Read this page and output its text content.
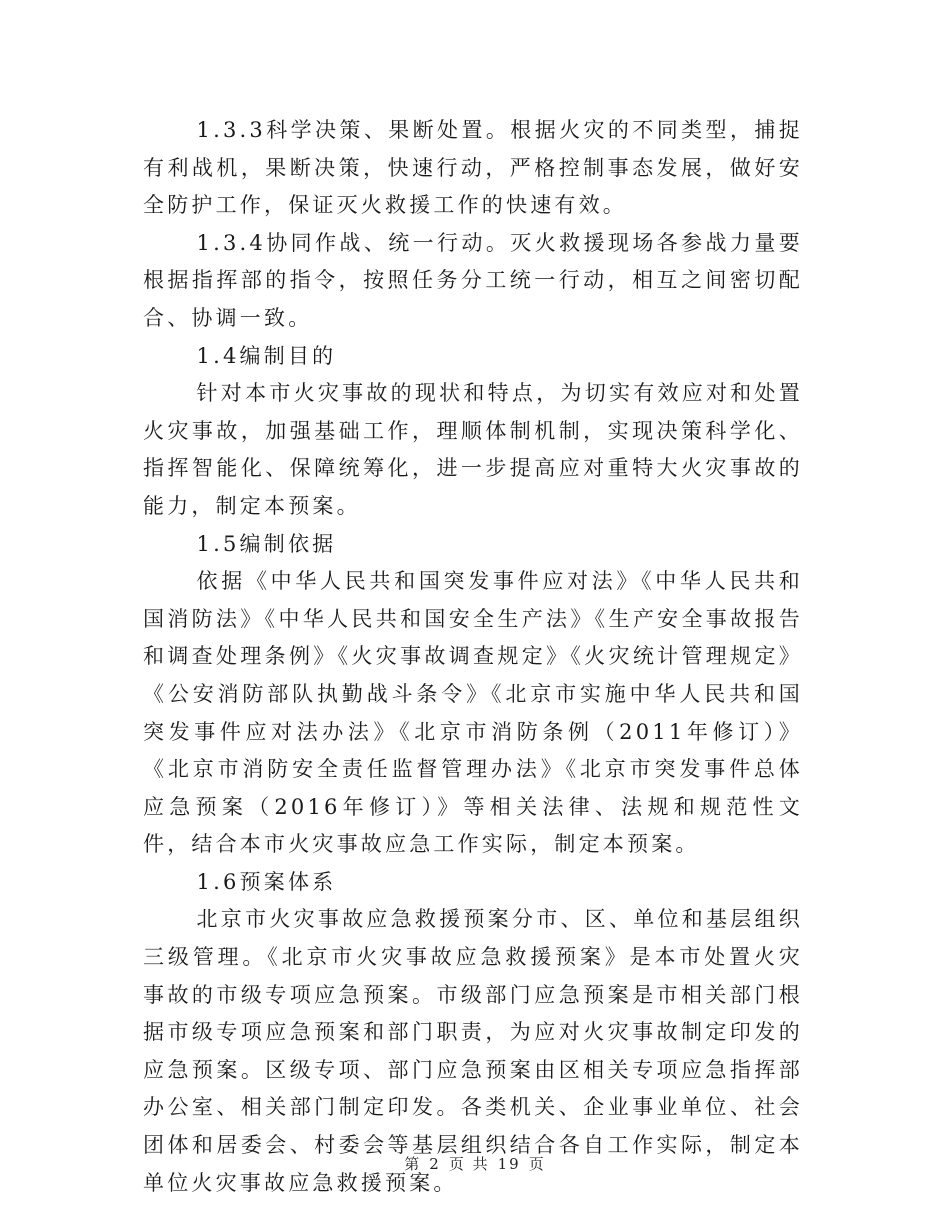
1.3.3科学决策、果断处置。根据火灾的不同类型，捕捉有利战机，果断决策，快速行动，严格控制事态发展，做好安全防护工作，保证灭火救援工作的快速有效。

1.3.4协同作战、统一行动。灭火救援现场各参战力量要根据指挥部的指令，按照任务分工统一行动，相互之间密切配合、协调一致。

1.4编制目的

针对本市火灾事故的现状和特点，为切实有效应对和处置火灾事故，加强基础工作，理顺体制机制，实现决策科学化、指挥智能化、保障统筹化，进一步提高应对重特大火灾事故的能力，制定本预案。

1.5编制依据

依据《中华人民共和国突发事件应对法》《中华人民共和国消防法》《中华人民共和国安全生产法》《生产安全事故报告和调查处理条例》《火灾事故调查规定》《火灾统计管理规定》《公安消防部队执勤战斗条令》《北京市实施中华人民共和国突发事件应对法办法》《北京市消防条例（2011年修订）》《北京市消防安全责任监督管理办法》《北京市突发事件总体应急预案（2016年修订）》等相关法律、法规和规范性文件，结合本市火灾事故应急工作实际，制定本预案。

1.6预案体系

北京市火灾事故应急救援预案分市、区、单位和基层组织三级管理。《北京市火灾事故应急救援预案》是本市处置火灾事故的市级专项应急预案。市级部门应急预案是市相关部门根据市级专项应急预案和部门职责，为应对火灾事故制定印发的应急预案。区级专项、部门应急预案由区相关专项应急指挥部办公室、相关部门制定印发。各类机关、企业事业单位、社会团体和居委会、村委会等基层组织结合各自工作实际，制定本单位火灾事故应急救援预案。

第 2 页 共 19 页
